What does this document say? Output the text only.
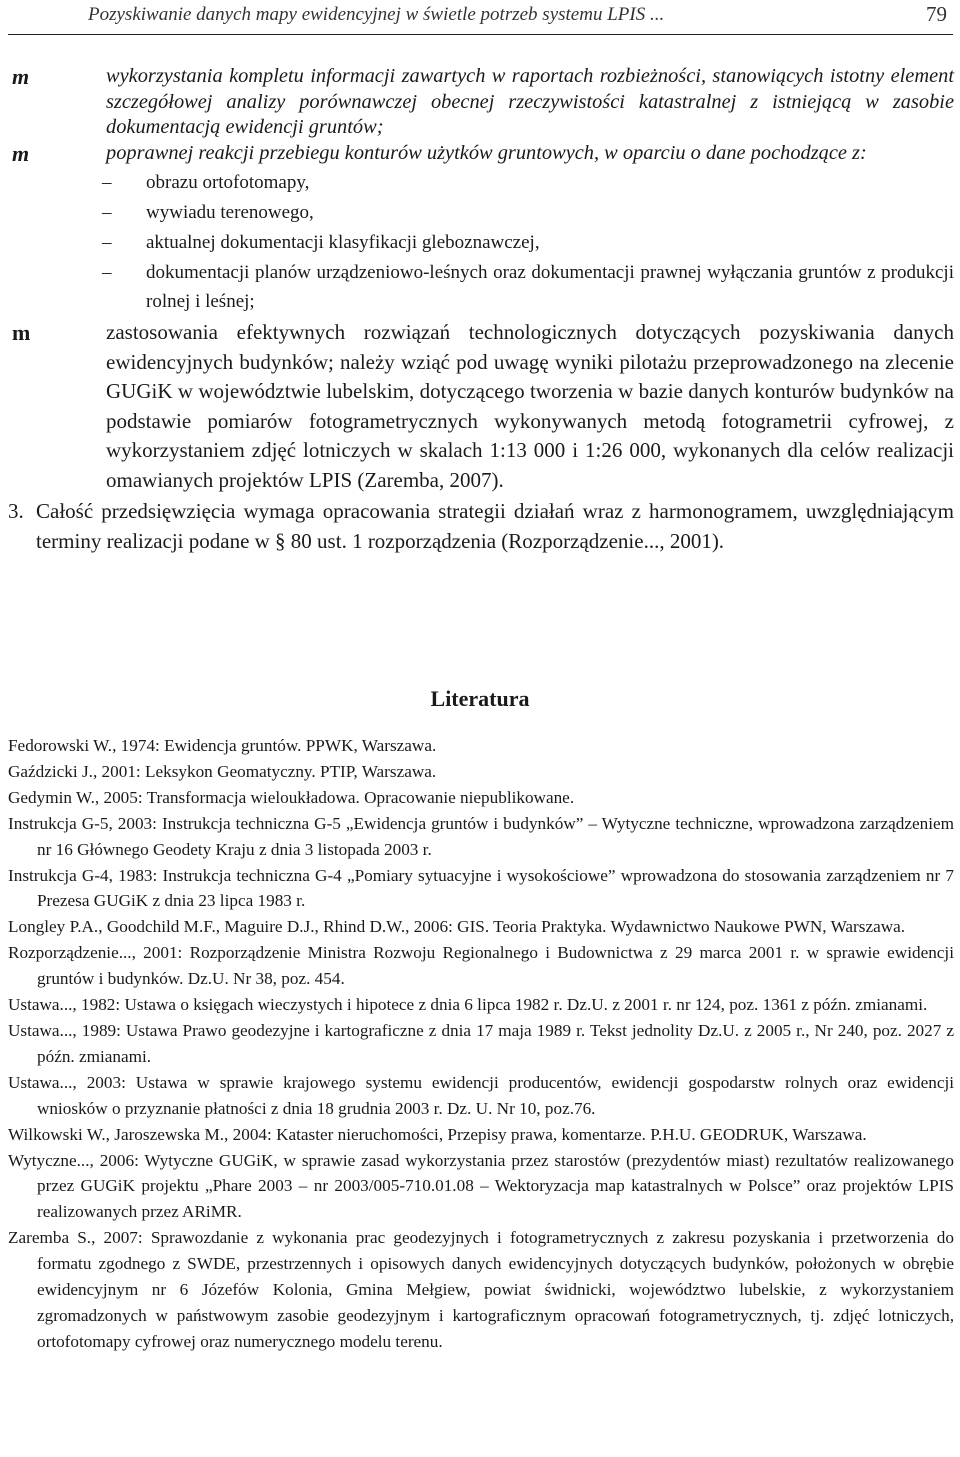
Pozyskiwanie danych mapy ewidencyjnej w świetle potrzeb systemu LPIS ...	79
m	wykorzystania kompletu informacji zawartych w raportach rozbieżności, stanowiących istotny element szczegółowej analizy porównawczej obecnej rzeczywistości katastralnej z istniejącą w zasobie dokumentacją ewidencji gruntów;
m	poprawnej reakcji przebiegu konturów użytków gruntowych, w oparciu o dane pochodzące z:
– obrazu ortofotomapy,
– wywiadu terenowego,
– aktualnej dokumentacji klasyfikacji gleboznawczej,
– dokumentacji planów urządzeniowo-leśnych oraz dokumentacji prawnej wyłączania gruntów z produkcji rolnej i leśnej;
m	zastosowania efektywnych rozwiązań technologicznych dotyczących pozyskiwania danych ewidencyjnych budynków; należy wziąć pod uwagę wyniki pilotażu przeprowadzonego na zlecenie GUGiK w województwie lubelskim, dotyczącego tworzenia w bazie danych konturów budynków na podstawie pomiarów fotogrametrycznych wykonywanych metodą fotogrametrii cyfrowej, z wykorzystaniem zdjęć lotniczych w skalach 1:13 000 i 1:26 000, wykonanych dla celów realizacji omawianych projektów LPIS (Zaremba, 2007).
3. Całość przedsięwzięcia wymaga opracowania strategii działań wraz z harmonogramem, uwzględniającym terminy realizacji podane w § 80 ust. 1 rozporządzenia (Rozporządzenie..., 2001).
Literatura
Fedorowski W., 1974: Ewidencja gruntów. PPWK, Warszawa.
Gaździcki J., 2001: Leksykon Geomatyczny. PTIP, Warszawa.
Gedymin W., 2005: Transformacja wieloukładowa. Opracowanie niepublikowane.
Instrukcja G-5, 2003: Instrukcja techniczna G-5 „Ewidencja gruntów i budynków” – Wytyczne techniczne, wprowadzona zarządzeniem nr 16 Głównego Geodety Kraju z dnia 3 listopada 2003 r.
Instrukcja G-4, 1983: Instrukcja techniczna G-4 „Pomiary sytuacyjne i wysokościowe” wprowadzona do stosowania zarządzeniem nr 7 Prezesa GUGiK z dnia 23 lipca 1983 r.
Longley P.A., Goodchild M.F., Maguire D.J., Rhind D.W., 2006: GIS. Teoria Praktyka. Wydawnictwo Naukowe PWN, Warszawa.
Rozporządzenie..., 2001: Rozporządzenie Ministra Rozwoju Regionalnego i Budownictwa z 29 marca 2001 r. w sprawie ewidencji gruntów i budynków. Dz.U. Nr 38, poz. 454.
Ustawa..., 1982: Ustawa o księgach wieczystych i hipotece z dnia 6 lipca 1982 r. Dz.U. z 2001 r. nr 124, poz. 1361 z późn. zmianami.
Ustawa..., 1989: Ustawa Prawo geodezyjne i kartograficzne z dnia 17 maja 1989 r. Tekst jednolity Dz.U. z 2005 r., Nr 240, poz. 2027 z późn. zmianami.
Ustawa..., 2003: Ustawa w sprawie krajowego systemu ewidencji producentów, ewidencji gospodarstw rolnych oraz ewidencji wniosków o przyznanie płatności z dnia 18 grudnia 2003 r. Dz. U. Nr 10, poz.76.
Wilkowski W., Jaroszewska M., 2004: Kataster nieruchomości, Przepisy prawa, komentarze. P.H.U. GEODRUK, Warszawa.
Wytyczne..., 2006: Wytyczne GUGiK, w sprawie zasad wykorzystania przez starostów (prezydentów miast) rezultatów realizowanego przez GUGiK projektu „Phare 2003 – nr 2003/005-710.01.08 – Wektoryzacja map katastralnych w Polsce” oraz projektów LPIS realizowanych przez ARiMR.
Zaremba S., 2007: Sprawozdanie z wykonania prac geodezyjnych i fotogrametrycznych z zakresu pozyskania i przetworzenia do formatu zgodnego z SWDE, przestrzennych i opisowych danych ewidencyjnych dotyczących budynków, położonych w obrębie ewidencyjnym nr 6 Józefów Kolonia, Gmina Mełgiew, powiat świdnicki, województwo lubelskie, z wykorzystaniem zgromadzonych w państwowym zasobie geodezyjnym i kartograficznym opracowań fotogrametrycznych, tj. zdjęć lotniczych, ortofotomapy cyfrowej oraz numerycznego modelu terenu.
